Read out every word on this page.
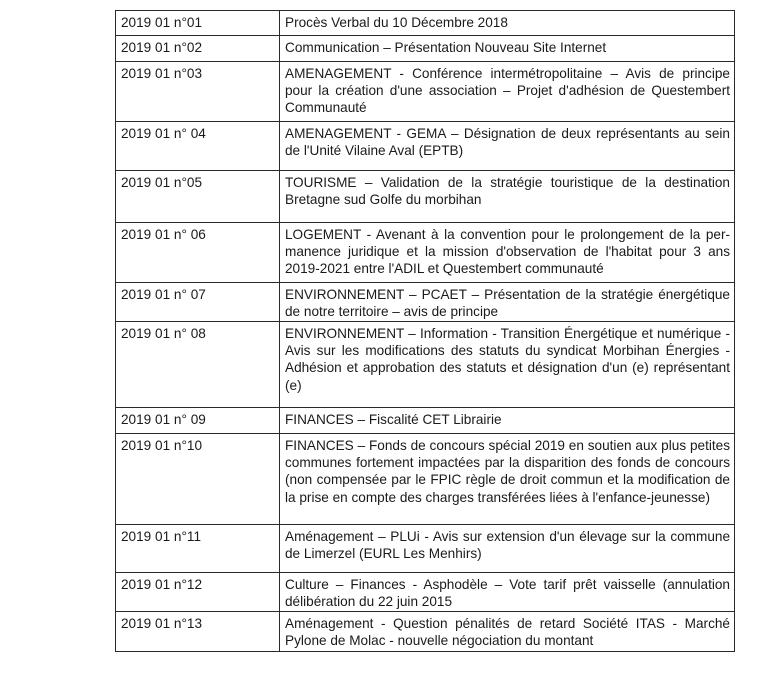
2019 01 n°01	Procès Verbal du 10 Décembre 2018
2019 01 n°02	Communication – Présentation Nouveau Site Internet
2019 01 n°03	AMENAGEMENT - Conférence intermétropolitaine – Avis de principe pour la création d'une association – Projet d'adhésion de Questembert Communauté
2019 01 n° 04	AMENAGEMENT - GEMA – Désignation de deux représentants au sein de l'Unité Vilaine Aval (EPTB)
2019 01 n°05	TOURISME – Validation de la stratégie touristique de la destination Bretagne sud Golfe du morbihan
2019 01 n° 06	LOGEMENT - Avenant à la convention pour le prolongement de la permanence juridique et la mission d'observation de l'habitat pour 3 ans 2019-2021 entre l'ADIL et Questembert communauté
2019 01 n° 07	ENVIRONNEMENT – PCAET – Présentation de la stratégie énergétique de notre territoire – avis de principe
2019 01 n° 08	ENVIRONNEMENT – Information - Transition Énergétique et numérique - Avis sur les modifications des statuts du syndicat Morbihan Énergies - Adhésion et approbation des statuts et désignation d'un (e) représentant (e)
2019 01 n° 09	FINANCES – Fiscalité CET Librairie
2019 01 n°10	FINANCES – Fonds de concours spécial 2019 en soutien aux plus petites communes fortement impactées par la disparition des fonds de concours (non compensée par le FPIC règle de droit commun et la modification de la prise en compte des charges transférées liées à l'enfance-jeunesse)
2019 01 n°11	Aménagement – PLUi - Avis sur extension d'un élevage sur la commune de Limerzel (EURL Les Menhirs)
2019 01 n°12	Culture – Finances - Asphodèle – Vote tarif prêt vaisselle (annulation délibération du 22 juin 2015
2019 01 n°13	Aménagement - Question pénalités de retard Société ITAS - Marché Pylone de Molac - nouvelle négociation du montant
